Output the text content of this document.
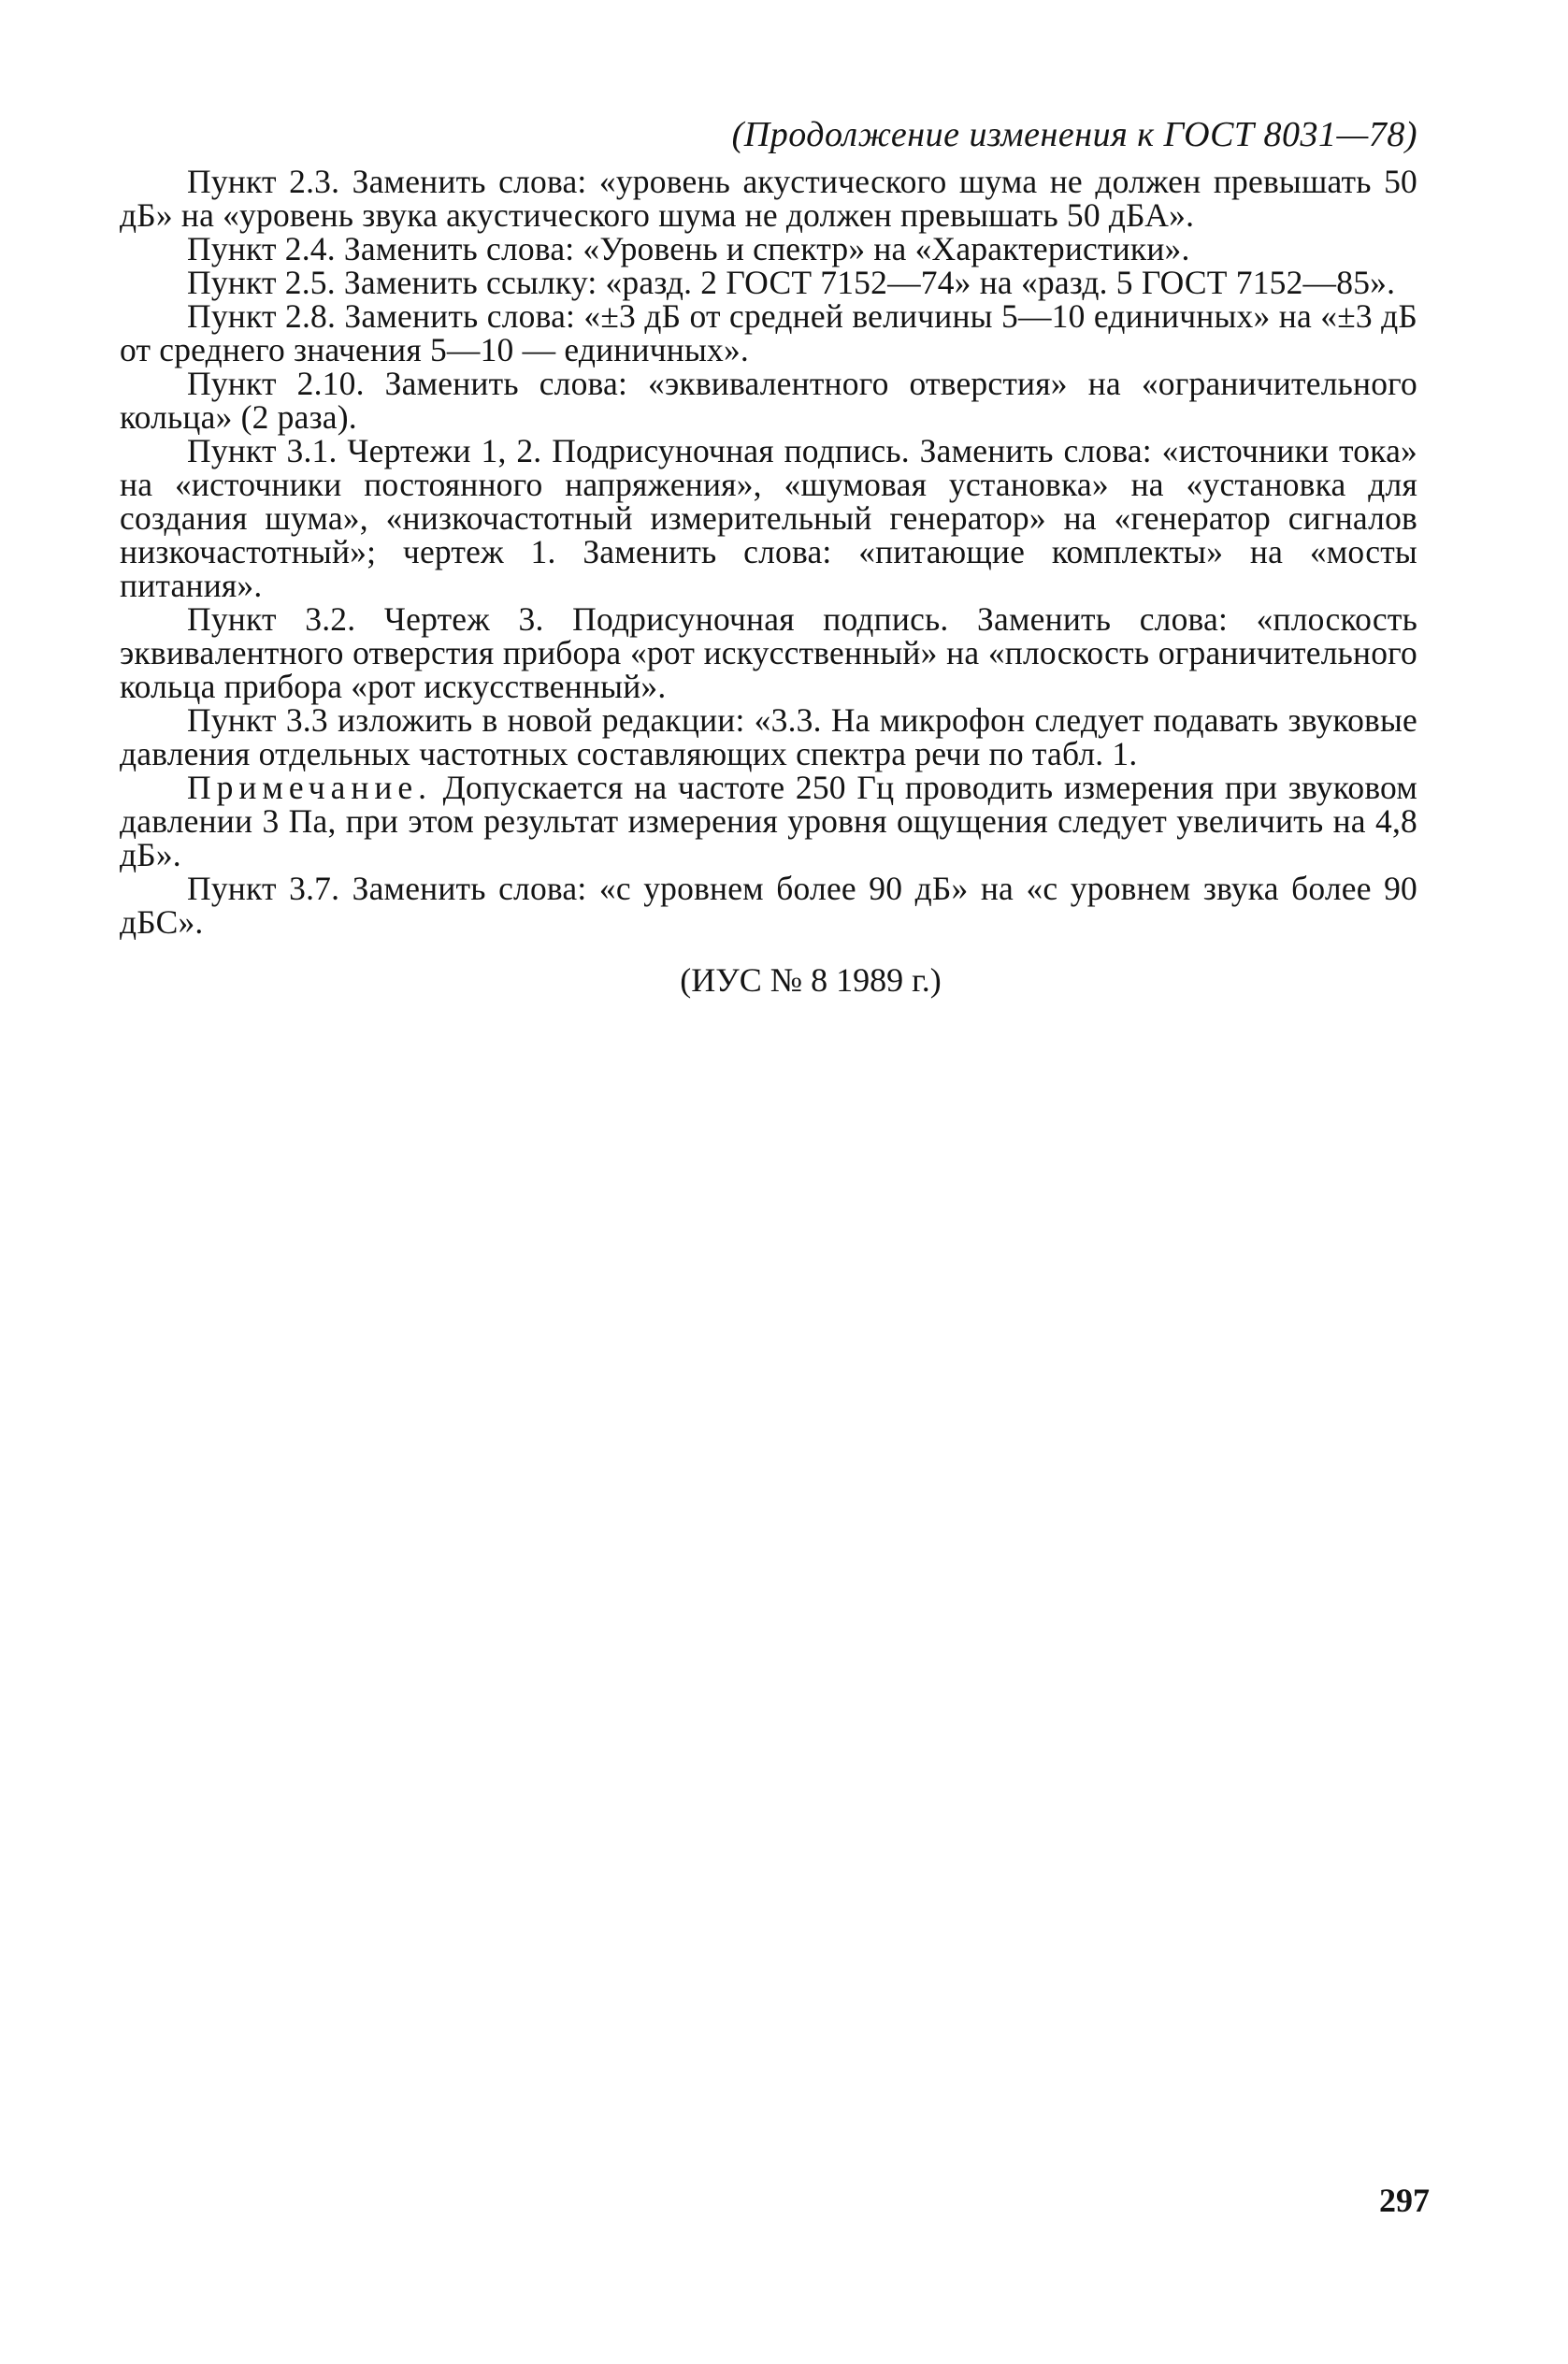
(Продолжение изменения к ГОСТ 8031—78)

Пункт 2.3. Заменить слова: «уровень акустического шума не должен превышать 50 дБ» на «уровень звука акустического шума не должен превышать 50 дБА».

Пункт 2.4. Заменить слова: «Уровень и спектр» на «Характеристики».

Пункт 2.5. Заменить ссылку: «разд. 2 ГОСТ 7152—74» на «разд. 5 ГОСТ 7152—85».

Пункт 2.8. Заменить слова: «±3 дБ от средней величины 5—10 единичных» на «±3 дБ от среднего значения 5—10 — единичных».

Пункт 2.10. Заменить слова: «эквивалентного отверстия» на «ограничительного кольца» (2 раза).

Пункт 3.1. Чертежи 1, 2. Подрисуночная подпись. Заменить слова: «источники тока» на «источники постоянного напряжения», «шумовая установка» на «установка для создания шума», «низкочастотный измерительный генератор» на «генератор сигналов низкочастотный»; чертеж 1. Заменить слова: «питающие комплекты» на «мосты питания».

Пункт 3.2. Чертеж 3. Подрисуночная подпись. Заменить слова: «плоскость эквивалентного отверстия прибора «рот искусственный» на «плоскость ограничительного кольца прибора «рот искусственный».

Пункт 3.3 изложить в новой редакции: «3.3. На микрофон следует подавать звуковые давления отдельных частотных составляющих спектра речи по табл. 1.

Примечание. Допускается на частоте 250 Гц проводить измерения при звуковом давлении 3 Па, при этом результат измерения уровня ощущения следует увеличить на 4,8 дБ».

Пункт 3.7. Заменить слова: «с уровнем более 90 дБ» на «с уровнем звука более 90 дБС».

(ИУС № 8 1989 г.)
297
